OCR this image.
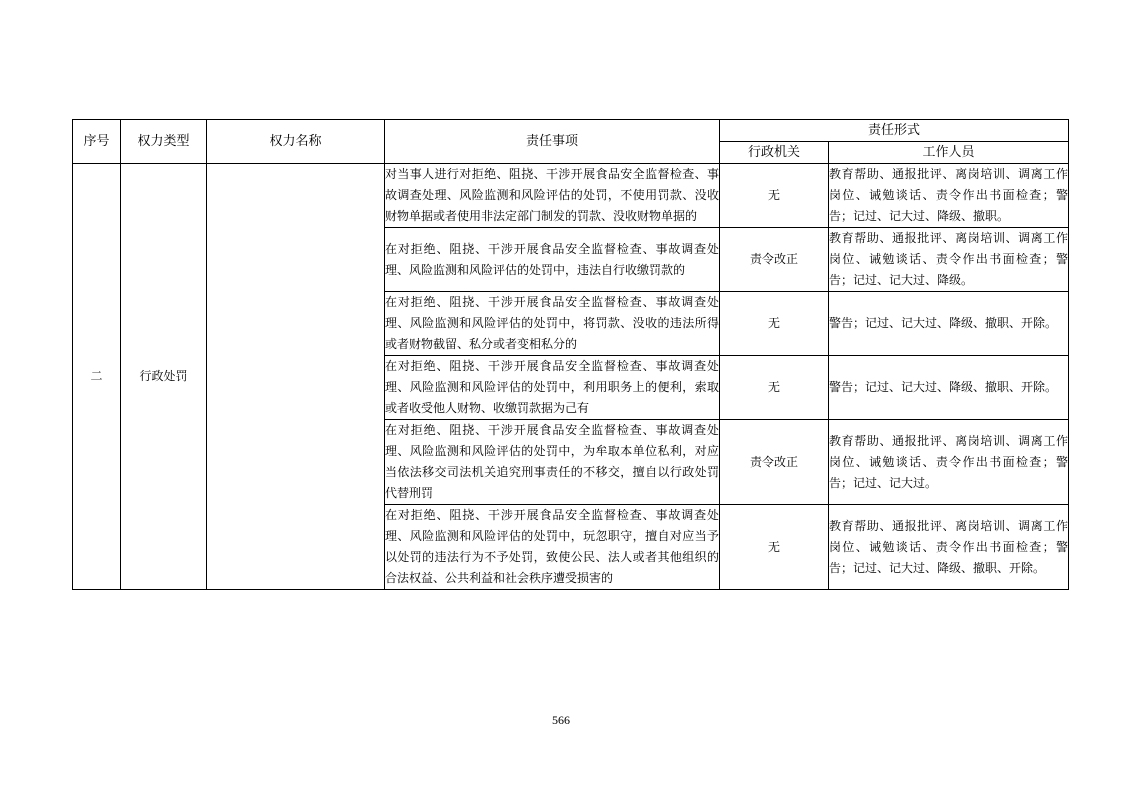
序号	权力类型	权力名称	责任事项	责任形式	
				行政机关	工作人员
二	行政处罚		对当事人进行对拒绝、阻挠、干涉开展食品安全监督检查、事故调查处理、风险监测和风险评估的处罚，不使用罚款、没收财物单据或者使用非法定部门制发的罚款、没收财物单据的	无	教育帮助、通报批评、离岗培训、调离工作岗位、诫勉谈话、责令作出书面检查；警告；记过、记大过、降级、撤职。
			在对拒绝、阻挠、干涉开展食品安全监督检查、事故调查处理、风险监测和风险评估的处罚中，违法自行收缴罚款的	责令改正	教育帮助、通报批评、离岗培训、调离工作岗位、诫勉谈话、责令作出书面检查；警告；记过、记大过、降级。
			在对拒绝、阻挠、干涉开展食品安全监督检查、事故调查处理、风险监测和风险评估的处罚中，将罚款、没收的违法所得或者财物截留、私分或者变相私分的	无	警告；记过、记大过、降级、撤职、开除。
			在对拒绝、阻挠、干涉开展食品安全监督检查、事故调查处理、风险监测和风险评估的处罚中，利用职务上的便利，索取或者收受他人财物、收缴罚款据为己有	无	警告；记过、记大过、降级、撤职、开除。
			在对拒绝、阻挠、干涉开展食品安全监督检查、事故调查处理、风险监测和风险评估的处罚中，为牟取本单位私利，对应当依法移交司法机关追究刑事责任的不移交，擅自以行政处罚代替刑罚	责令改正	教育帮助、通报批评、离岗培训、调离工作岗位、诫勉谈话、责令作出书面检查；警告；记过、记大过。
			在对拒绝、阻挠、干涉开展食品安全监督检查、事故调查处理、风险监测和风险评估的处罚中，玩忽职守，擅自对应当予以处罚的违法行为不予处罚，致使公民、法人或者其他组织的合法权益、公共利益和社会秩序遭受损害的	无	教育帮助、通报批评、离岗培训、调离工作岗位、诫勉谈话、责令作出书面检查；警告；记过、记大过、降级、撤职、开除。
566
